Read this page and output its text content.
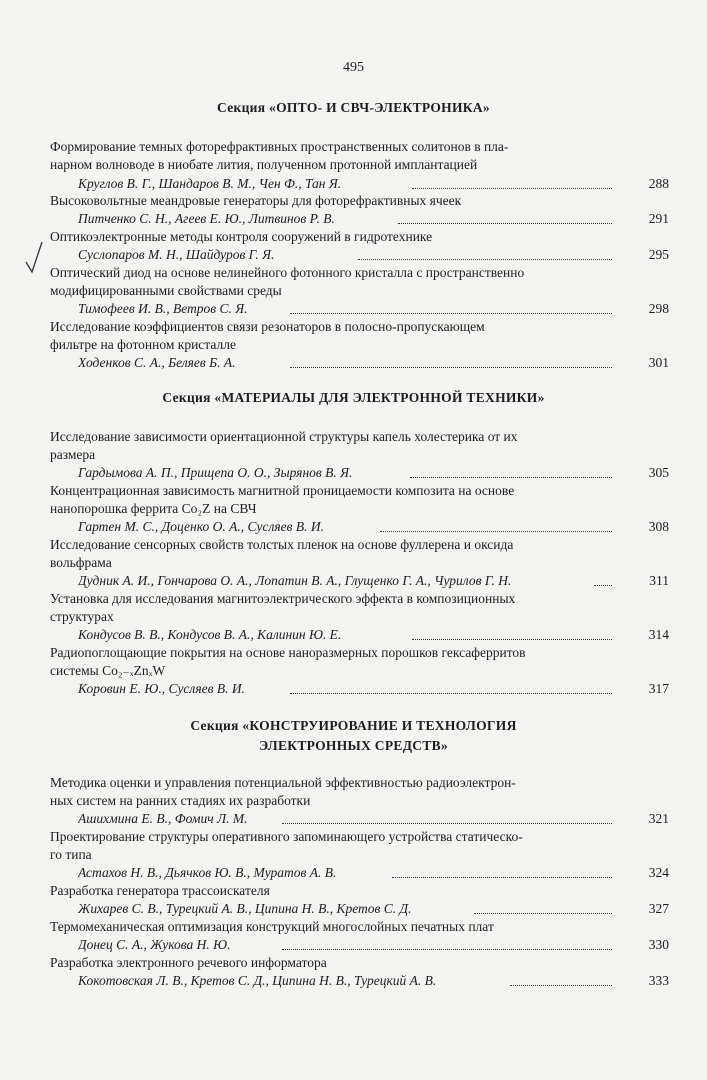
495
Секция «ОПТО- И СВЧ-ЭЛЕКТРОНИКА»
Формирование темных фоторефрактивных пространственных солитонов в пла-
нарном волноводе в ниобате лития, полученном протонной имплантацией
Круглов В. Г., Шандаров В. М., Чен Ф., Тан Я.	288
Высоковольтные меандровые генераторы для фоторефрактивных ячеек
Питченко С. Н., Агеев Е. Ю., Литвинов Р. В.	291
Оптикоэлектронные методы контроля сооружений в гидротехнике
Суслопаров М. Н., Шайдуров Г. Я.	295
Оптический диод на основе нелинейного фотонного кристалла с пространственно
модифицированными свойствами среды
Тимофеев И. В., Ветров С. Я.	298
Исследование коэффициентов связи резонаторов в полосно-пропускающем
фильтре на фотонном кристалле
Ходенков С. А., Беляев Б. А.	301
Секция «МАТЕРИАЛЫ ДЛЯ ЭЛЕКТРОННОЙ ТЕХНИКИ»
Исследование зависимости ориентационной структуры капель холестерика от их
размера
Гардымова А. П., Прищепа О. О., Зырянов В. Я.	305
Концентрационная зависимость магнитной проницаемости композита на основе
нанопорошка феррита Co₂Z на СВЧ
Гартен М. С., Доценко О. А., Сусляев В. И.	308
Исследование сенсорных свойств толстых пленок на основе фуллерена и оксида
вольфрама
Дудник А. И., Гончарова О. А., Лопатин В. А., Глущенко Г. А., Чурилов Г. Н.	311
Установка для исследования магнитоэлектрического эффекта в композиционных
структурах
Кондусов В. В., Кондусов В. А., Калинин Ю. Е.	314
Радиопоглощающие покрытия на основе наноразмерных порошков гексаферритов
системы Co₂₋ₓZnₓW
Коровин Е. Ю., Сусляев В. И.	317
Секция «КОНСТРУИРОВАНИЕ И ТЕХНОЛОГИЯ
ЭЛЕКТРОННЫХ СРЕДСТВ»
Методика оценки и управления потенциальной эффективностью радиоэлектрон-
ных систем на ранних стадиях их разработки
Ашихмина Е. В., Фомич Л. М.	321
Проектирование структуры оперативного запоминающего устройства статическо-
го типа
Астахов Н. В., Дьячков Ю. В., Муратов А. В.	324
Разработка генератора трассоискателя
Жихарев С. В., Турецкий А. В., Ципина Н. В., Кретов С. Д.	327
Термомеханическая оптимизация конструкций многослойных печатных плат
Донец С. А., Жукова Н. Ю.	330
Разработка электронного речевого информатора
Кокотовская Л. В., Кретов С. Д., Ципина Н. В., Турецкий А. В.	333
